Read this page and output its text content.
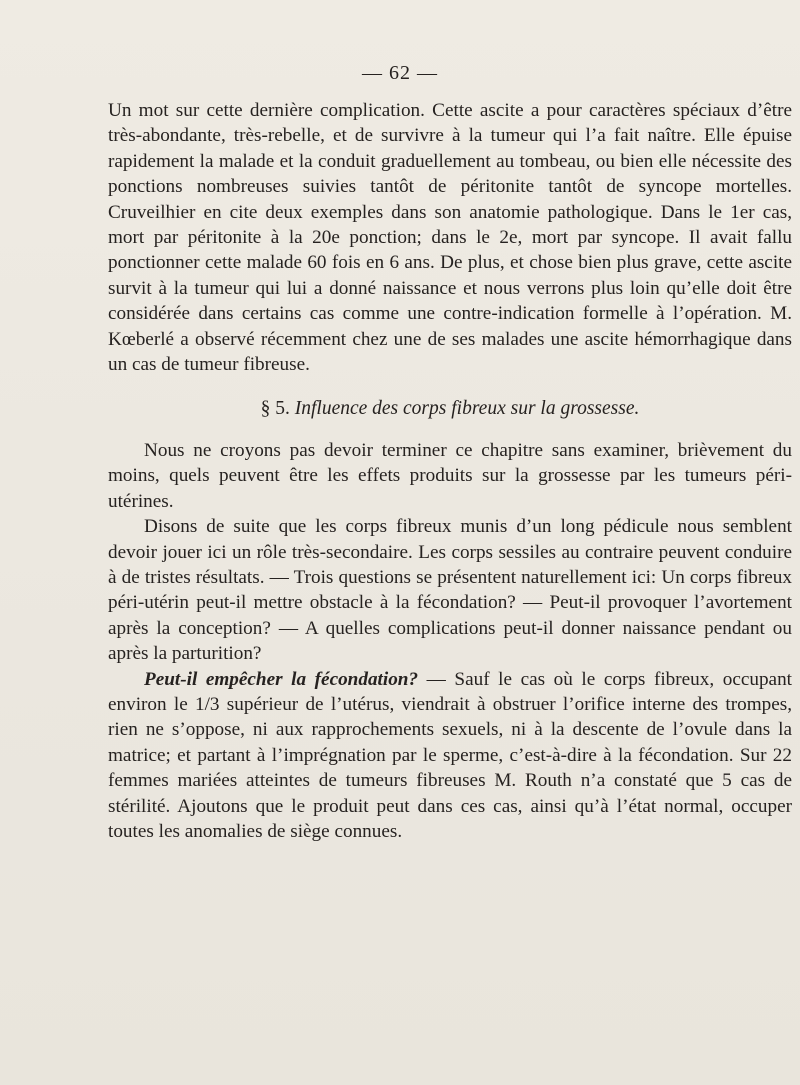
— 62 —

Un mot sur cette dernière complication. Cette ascite a pour caractères spéciaux d’être très-abondante, très-rebelle, et de survivre à la tumeur qui l’a fait naître. Elle épuise rapidement la malade et la conduit graduellement au tombeau, ou bien elle nécessite des ponctions nombreuses suivies tantôt de péritonite tantôt de syncope mortelles. Cruveilhier en cite deux exemples dans son anatomie pathologique. Dans le 1er cas, mort par péritonite à la 20e ponction; dans le 2e, mort par syncope. Il avait fallu ponctionner cette malade 60 fois en 6 ans. De plus, et chose bien plus grave, cette ascite survit à la tumeur qui lui a donné naissance et nous verrons plus loin qu’elle doit être considérée dans certains cas comme une contre-indication formelle à l’opération. M. Kœberlé a observé récemment chez une de ses malades une ascite hémorrhagique dans un cas de tumeur fibreuse.

§ 5. Influence des corps fibreux sur la grossesse.

Nous ne croyons pas devoir terminer ce chapitre sans examiner, brièvement du moins, quels peuvent être les effets produits sur la grossesse par les tumeurs péri-utérines.

Disons de suite que les corps fibreux munis d’un long pédicule nous semblent devoir jouer ici un rôle très-secondaire. Les corps sessiles au contraire peuvent conduire à de tristes résultats. — Trois questions se présentent naturellement ici: Un corps fibreux péri-utérin peut-il mettre obstacle à la fécondation? — Peut-il provoquer l’avortement après la conception? — A quelles complications peut-il donner naissance pendant ou après la parturition?

Peut-il empêcher la fécondation? — Sauf le cas où le corps fibreux, occupant environ le 1/3 supérieur de l’utérus, viendrait à obstruer l’orifice interne des trompes, rien ne s’oppose, ni aux rapprochements sexuels, ni à la descente de l’ovule dans la matrice; et partant à l’imprégnation par le sperme, c’est-à-dire à la fécondation. Sur 22 femmes mariées atteintes de tumeurs fibreuses M. Routh n’a constaté que 5 cas de stérilité. Ajoutons que le produit peut dans ces cas, ainsi qu’à l’état normal, occuper toutes les anomalies de siège connues.
